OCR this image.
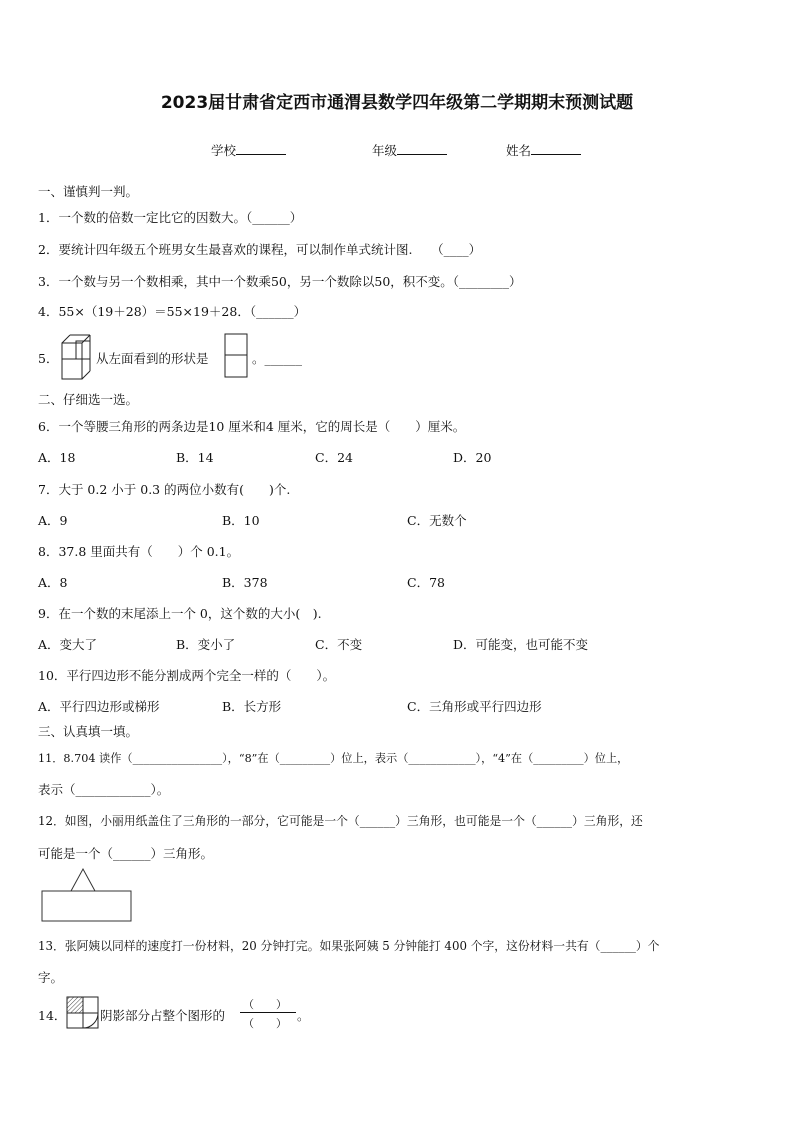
2023届甘肃省定西市通渭县数学四年级第二学期期末预测试题
学校	年级	姓名
一、谨慎判一判。
1．一个数的倍数一定比它的因数大。（______）
2．要统计四年级五个班男女生最喜欢的课程，可以制作单式统计图.　　（____）
3．一个数与另一个数相乘，其中一个数乘50，另一个数除以50，积不变。（________）
4．55×（19＋28）＝55×19＋28．（______）
5．	从左面看到的形状是	。______
二、仔细选一选。
6．一个等腰三角形的两条边是10 厘米和4 厘米，它的周长是（　　）厘米。
A．18	B．14	C．24	D．20
7．大于 0.2 小于 0.3 的两位小数有(　　)个.
A．9	B．10	C．无数个
8．37.8 里面共有（　　）个 0.1。
A．8	B．378	C．78
9．在一个数的末尾添上一个 0，这个数的大小(　).
A．变大了	B．变小了	C．不变	D．可能变，也可能不变
10．平行四边形不能分割成两个完全一样的（　　）。
A．平行四边形或梯形	B．长方形	C．三角形或平行四边形
三、认真填一填。
11．8.704 读作（________________），“8”在（_________）位上，表示（____________），“4”在（_________）位上，
表示（____________）。
12．如图，小丽用纸盖住了三角形的一部分，它可能是一个（______）三角形，也可能是一个（______）三角形，还
可能是一个（______）三角形。
13．张阿姨以同样的速度打一份材料，20 分钟打完。如果张阿姨 5 分钟能打 400 个字，这份材料一共有（______）个
字。
14．	阴影部分占整个图形的
（　　）
（　　）
。
